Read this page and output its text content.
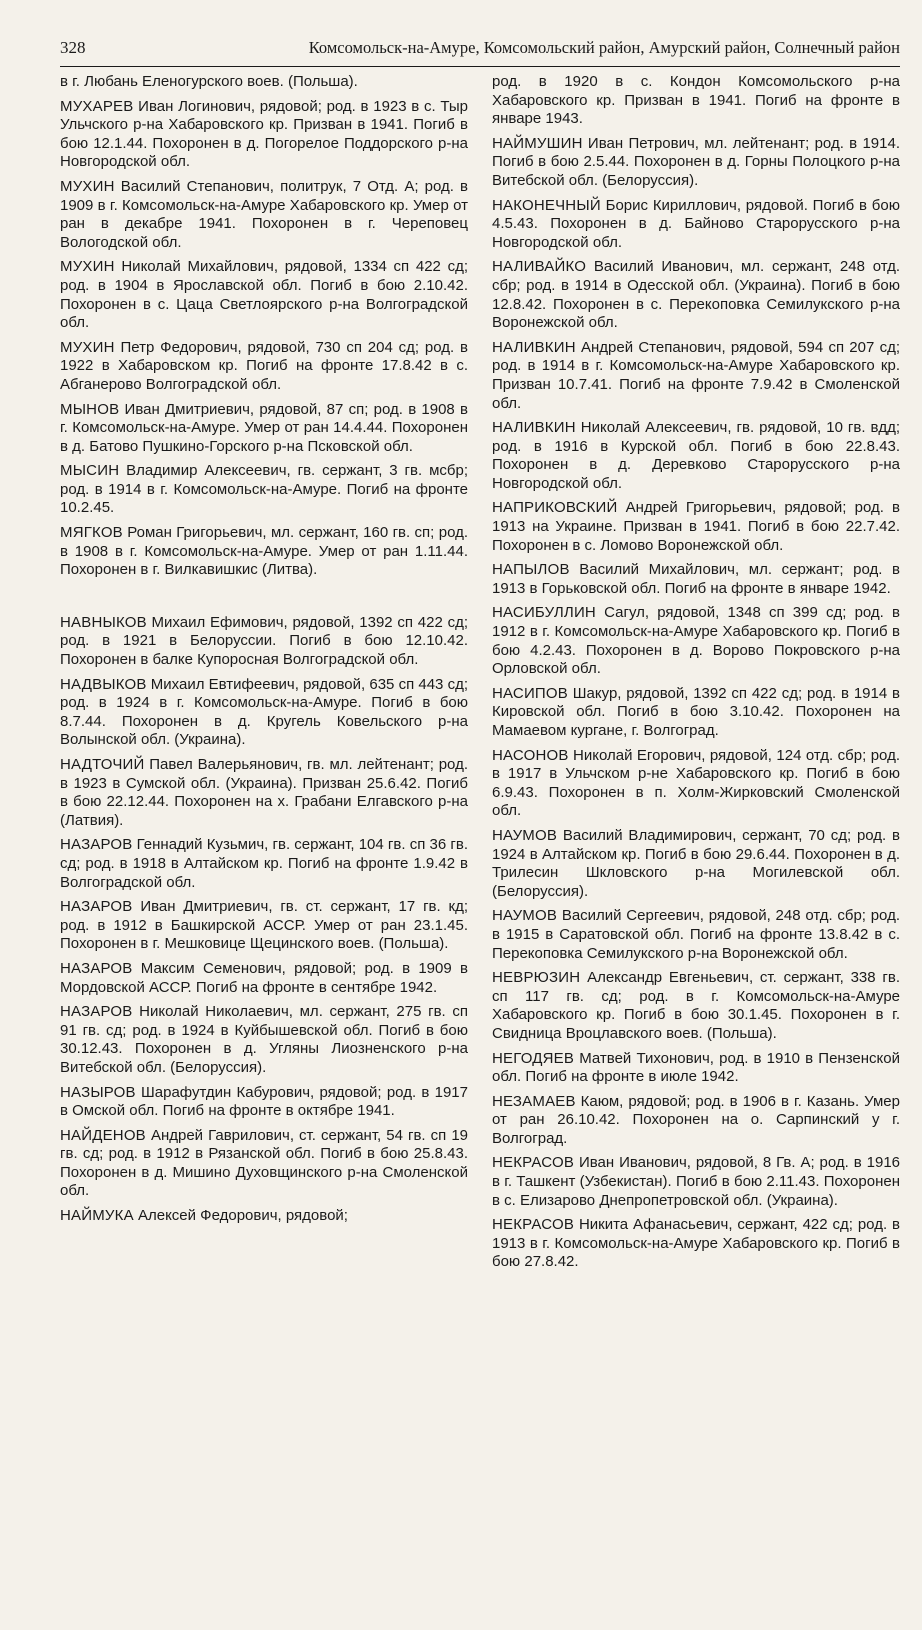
328	Комсомольск-на-Амуре, Комсомольский район, Амурский район, Солнечный район

в г. Любань Еленогурского воев. (Польша).

МУХАРЕВ Иван Логинович, рядовой; род. в 1923 в с. Тыр Ульчского р-на Хабаровского кр. Призван в 1941. Погиб в бою 12.1.44. Похоронен в д. Погорелое Поддорского р-на Новгородской обл.

МУХИН Василий Степанович, политрук, 7 Отд. А; род. в 1909 в г. Комсомольск-на-Амуре Хабаровского кр. Умер от ран в декабре 1941. Похоронен в г. Череповец Вологодской обл.

МУХИН Николай Михайлович, рядовой, 1334 сп 422 сд; род. в 1904 в Ярославской обл. Погиб в бою 2.10.42. Похоронен в с. Цаца Светлоярского р-на Волгоградской обл.

МУХИН Петр Федорович, рядовой, 730 сп 204 сд; род. в 1922 в Хабаровском кр. Погиб на фронте 17.8.42 в с. Абганерово Волгоградской обл.

МЫНОВ Иван Дмитриевич, рядовой, 87 сп; род. в 1908 в г. Комсомольск-на-Амуре. Умер от ран 14.4.44. Похоронен в д. Батово Пушкино-Горского р-на Псковской обл.

МЫСИН Владимир Алексеевич, гв. сержант, 3 гв. мсбр; род. в 1914 в г. Комсомольск-на-Амуре. Погиб на фронте 10.2.45.

МЯГКОВ Роман Григорьевич, мл. сержант, 160 гв. сп; род. в 1908 в г. Комсомольск-на-Амуре. Умер от ран 1.11.44. Похоронен в г. Вилкавишкис (Литва).

НАВНЫКОВ Михаил Ефимович, рядовой, 1392 сп 422 сд; род. в 1921 в Белоруссии. Погиб в бою 12.10.42. Похоронен в балке Купоросная Волгоградской обл.

НАДВЫКОВ Михаил Евтифеевич, рядовой, 635 сп 443 сд; род. в 1924 в г. Комсомольск-на-Амуре. Погиб в бою 8.7.44. Похоронен в д. Кругель Ковельского р-на Волынской обл. (Украина).

НАДТОЧИЙ Павел Валерьянович, гв. мл. лейтенант; род. в 1923 в Сумской обл. (Украина). Призван 25.6.42. Погиб в бою 22.12.44. Похоронен на х. Грабани Елгавского р-на (Латвия).

НАЗАРОВ Геннадий Кузьмич, гв. сержант, 104 гв. сп 36 гв. сд; род. в 1918 в Алтайском кр. Погиб на фронте 1.9.42 в Волгоградской обл.

НАЗАРОВ Иван Дмитриевич, гв. ст. сержант, 17 гв. кд; род. в 1912 в Башкирской АССР. Умер от ран 23.1.45. Похоронен в г. Мешковице Щецинского воев. (Польша).

НАЗАРОВ Максим Семенович, рядовой; род. в 1909 в Мордовской АССР. Погиб на фронте в сентябре 1942.

НАЗАРОВ Николай Николаевич, мл. сержант, 275 гв. сп 91 гв. сд; род. в 1924 в Куйбышевской обл. Погиб в бою 30.12.43. Похоронен в д. Угляны Лиозненского р-на Витебской обл. (Белоруссия).

НАЗЫРОВ Шарафутдин Кабурович, рядовой; род. в 1917 в Омской обл. Погиб на фронте в октябре 1941.

НАЙДЕНОВ Андрей Гаврилович, ст. сержант, 54 гв. сп 19 гв. сд; род. в 1912 в Рязанской обл. Погиб в бою 25.8.43. Похоронен в д. Мишино Духовщинского р-на Смоленской обл.

НАЙМУКА Алексей Федорович, рядовой;

род. в 1920 в с. Кондон Комсомольского р-на Хабаровского кр. Призван в 1941. Погиб на фронте в январе 1943.

НАЙМУШИН Иван Петрович, мл. лейтенант; род. в 1914. Погиб в бою 2.5.44. Похоронен в д. Горны Полоцкого р-на Витебской обл. (Белоруссия).

НАКОНЕЧНЫЙ Борис Кириллович, рядовой. Погиб в бою 4.5.43. Похоронен в д. Байново Старорусского р-на Новгородской обл.

НАЛИВАЙКО Василий Иванович, мл. сержант, 248 отд. сбр; род. в 1914 в Одесской обл. (Украина). Погиб в бою 12.8.42. Похоронен в с. Перекоповка Семилукского р-на Воронежской обл.

НАЛИВКИН Андрей Степанович, рядовой, 594 сп 207 сд; род. в 1914 в г. Комсомольск-на-Амуре Хабаровского кр. Призван 10.7.41. Погиб на фронте 7.9.42 в Смоленской обл.

НАЛИВКИН Николай Алексеевич, гв. рядовой, 10 гв. вдд; род. в 1916 в Курской обл. Погиб в бою 22.8.43. Похоронен в д. Деревково Старорусского р-на Новгородской обл.

НАПРИКОВСКИЙ Андрей Григорьевич, рядовой; род. в 1913 на Украине. Призван в 1941. Погиб в бою 22.7.42. Похоронен в с. Ломово Воронежской обл.

НАПЫЛОВ Василий Михайлович, мл. сержант; род. в 1913 в Горьковской обл. Погиб на фронте в январе 1942.

НАСИБУЛЛИН Сагул, рядовой, 1348 сп 399 сд; род. в 1912 в г. Комсомольск-на-Амуре Хабаровского кр. Погиб в бою 4.2.43. Похоронен в д. Ворово Покровского р-на Орловской обл.

НАСИПОВ Шакур, рядовой, 1392 сп 422 сд; род. в 1914 в Кировской обл. Погиб в бою 3.10.42. Похоронен на Мамаевом кургане, г. Волгоград.

НАСОНОВ Николай Егорович, рядовой, 124 отд. сбр; род. в 1917 в Ульчском р-не Хабаровского кр. Погиб в бою 6.9.43. Похоронен в п. Холм-Жирковский Смоленской обл.

НАУМОВ Василий Владимирович, сержант, 70 сд; род. в 1924 в Алтайском кр. Погиб в бою 29.6.44. Похоронен в д. Трилесин Шкловского р-на Могилевской обл. (Белоруссия).

НАУМОВ Василий Сергеевич, рядовой, 248 отд. сбр; род. в 1915 в Саратовской обл. Погиб на фронте 13.8.42 в с. Перекоповка Семилукского р-на Воронежской обл.

НЕВРЮЗИН Александр Евгеньевич, ст. сержант, 338 гв. сп 117 гв. сд; род. в г. Комсомольск-на-Амуре Хабаровского кр. Погиб в бою 30.1.45. Похоронен в г. Свидница Вроцлавского воев. (Польша).

НЕГОДЯЕВ Матвей Тихонович, род. в 1910 в Пензенской обл. Погиб на фронте в июле 1942.

НЕЗАМАЕВ Каюм, рядовой; род. в 1906 в г. Казань. Умер от ран 26.10.42. Похоронен на о. Сарпинский у г. Волгоград.

НЕКРАСОВ Иван Иванович, рядовой, 8 Гв. А; род. в 1916 в г. Ташкент (Узбекистан). Погиб в бою 2.11.43. Похоронен в с. Елизарово Днепропетровской обл. (Украина).

НЕКРАСОВ Никита Афанасьевич, сержант, 422 сд; род. в 1913 в г. Комсомольск-на-Амуре Хабаровского кр. Погиб в бою 27.8.42.
